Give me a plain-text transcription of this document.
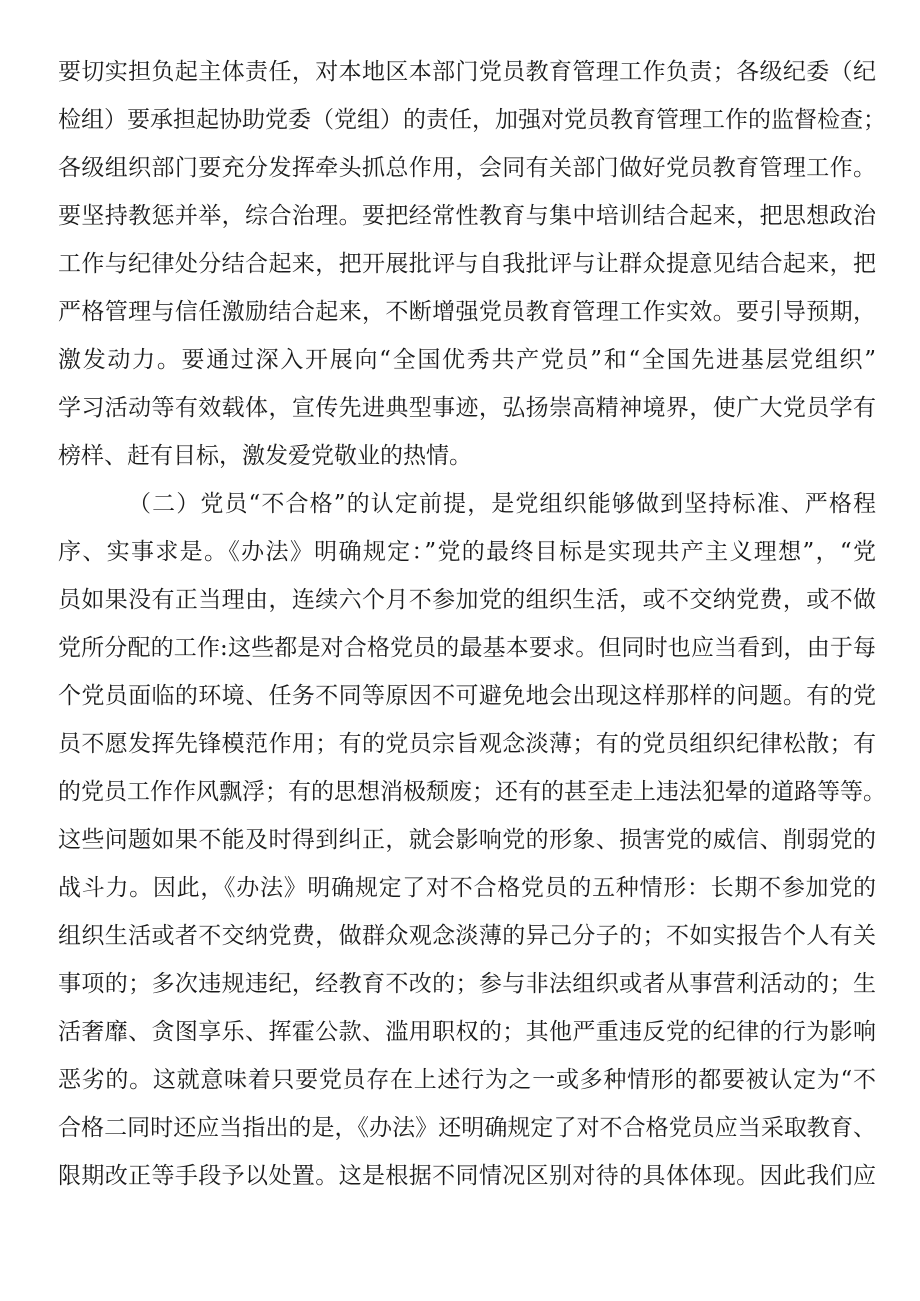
要切实担负起主体责任，对本地区本部门党员教育管理工作负责；各级纪委（纪
检组）要承担起协助党委（党组）的责任，加强对党员教育管理工作的监督检查；
各级组织部门要充分发挥牵头抓总作用，会同有关部门做好党员教育管理工作。
要坚持教惩并举，综合治理。要把经常性教育与集中培训结合起来，把思想政治
工作与纪律处分结合起来，把开展批评与自我批评与让群众提意见结合起来，把
严格管理与信任激励结合起来，不断增强党员教育管理工作实效。要引导预期，
激发动力。要通过深入开展向“全国优秀共产党员”和“全国先进基层党组织”
学习活动等有效载体，宣传先进典型事迹，弘扬崇高精神境界，使广大党员学有
榜样、赶有目标，激发爱党敬业的热情。
（二）党员“不合格”的认定前提，是党组织能够做到坚持标准、严格程
序、实事求是。《办法》明确规定：”党的最终目标是实现共产主义理想”，“党
员如果没有正当理由，连续六个月不参加党的组织生活，或不交纳党费，或不做
党所分配的工作:这些都是对合格党员的最基本要求。但同时也应当看到，由于每
个党员面临的环境、任务不同等原因不可避免地会出现这样那样的问题。有的党
员不愿发挥先锋模范作用；有的党员宗旨观念淡薄；有的党员组织纪律松散；有
的党员工作作风飘浮；有的思想消极颓废；还有的甚至走上违法犯晕的道路等等。
这些问题如果不能及时得到纠正，就会影响党的形象、损害党的威信、削弱党的
战斗力。因此，《办法》明确规定了对不合格党员的五种情形：长期不参加党的
组织生活或者不交纳党费，做群众观念淡薄的异己分子的；不如实报告个人有关
事项的；多次违规违纪，经教育不改的；参与非法组织或者从事营利活动的；生
活奢靡、贪图享乐、挥霍公款、滥用职权的；其他严重违反党的纪律的行为影响
恶劣的。这就意味着只要党员存在上述行为之一或多种情形的都要被认定为“不
合格二同时还应当指出的是，《办法》还明确规定了对不合格党员应当采取教育、
限期改正等手段予以处置。这是根据不同情况区别对待的具体体现。因此我们应
